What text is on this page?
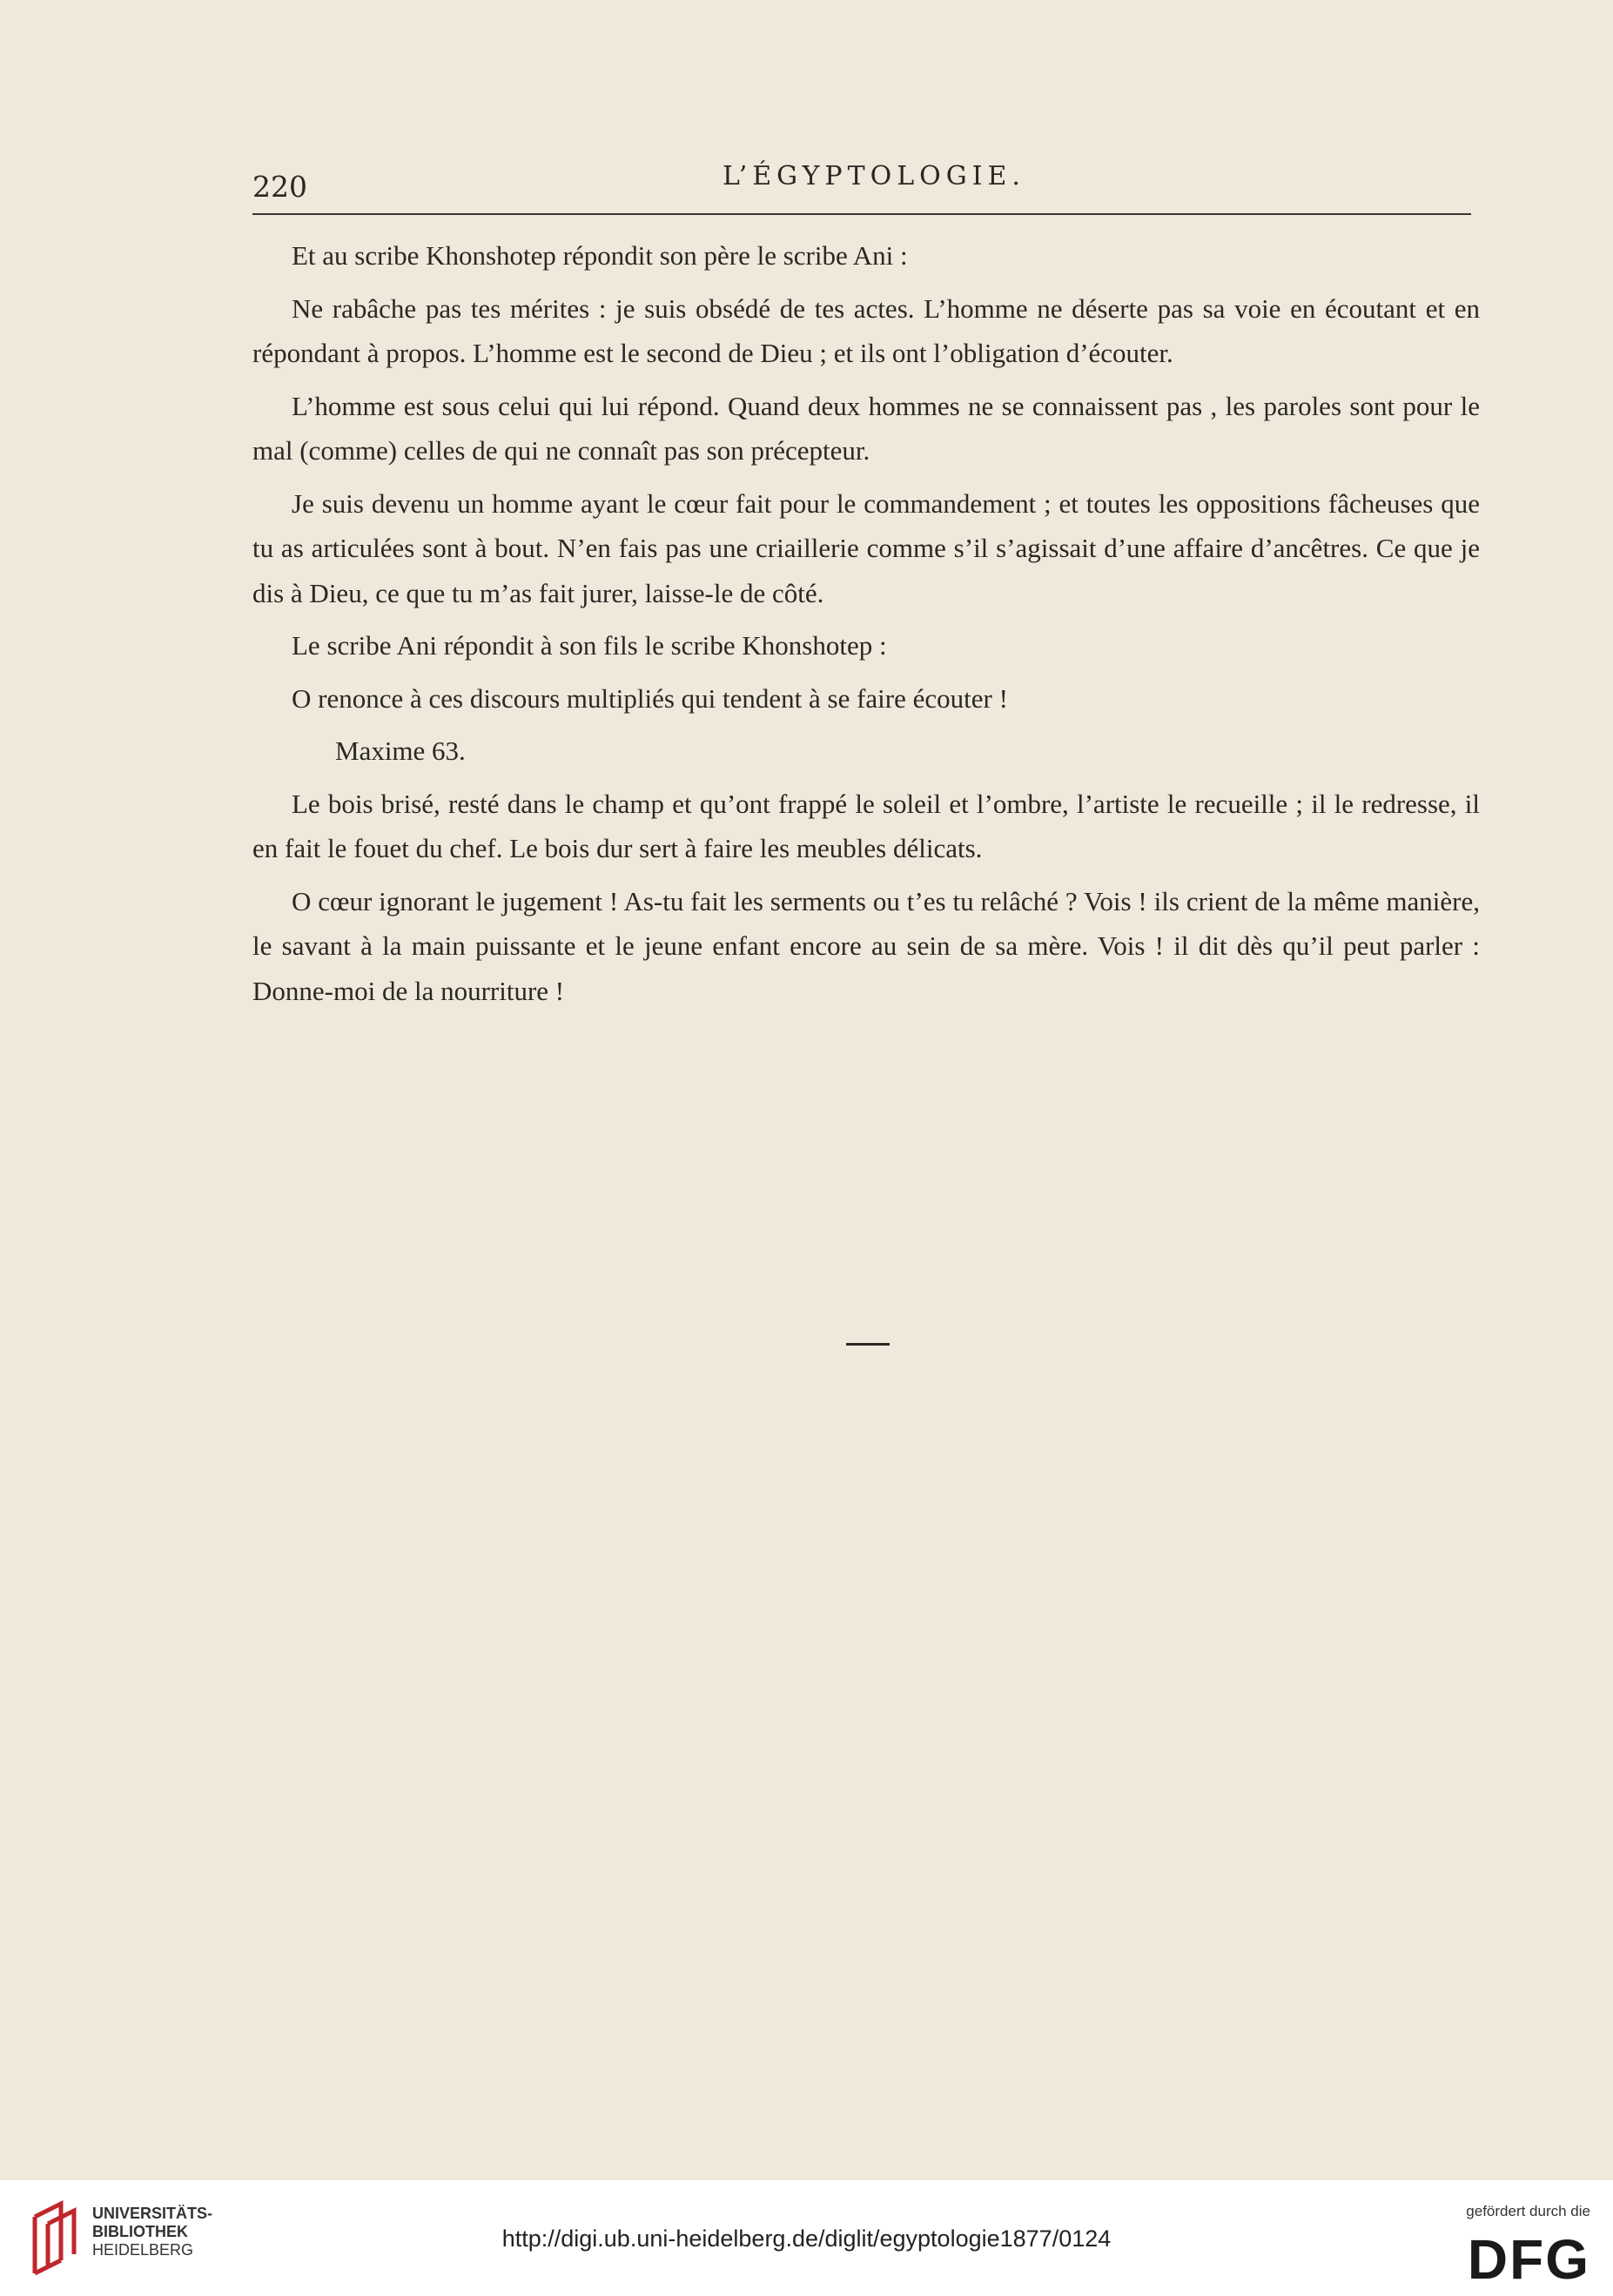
220	L’ÉGYPTOLOGIE.

Et au scribe Khonshotep répondit son père le scribe Ani :

Ne rabâche pas tes mérites : je suis obsédé de tes actes. L’homme ne déserte pas sa voie en écoutant et en répondant à propos. L’homme est le second de Dieu ; et ils ont l’obligation d’écouter.

L’homme est sous celui qui lui répond. Quand deux hommes ne se connaissent pas , les paroles sont pour le mal (comme) celles de qui ne connaît pas son précepteur.

Je suis devenu un homme ayant le cœur fait pour le commandement ; et toutes les oppositions fâcheuses que tu as articulées sont à bout. N’en fais pas une criaillerie comme s’il s’agissait d’une affaire d’ancêtres. Ce que je dis à Dieu, ce que tu m’as fait jurer, laisse-le de côté.

Le scribe Ani répondit à son fils le scribe Khonshotep :

O renonce à ces discours multipliés qui tendent à se faire écouter !

Maxime 63.

Le bois brisé, resté dans le champ et qu’ont frappé le soleil et l’ombre, l’artiste le recueille ; il le redresse, il en fait le fouet du chef. Le bois dur sert à faire les meubles délicats.

O cœur ignorant le jugement ! As-tu fait les serments ou t’es tu relâché ? Vois ! ils crient de la même manière, le savant à la main puissante et le jeune enfant encore au sein de sa mère. Vois ! il dit dès qu’il peut parler : Donne-moi de la nourriture !

UNIVERSITÄTS-
BIBLIOTHEK
HEIDELBERG	http://digi.ub.uni-heidelberg.de/diglit/egyptologie1877/0124
gefördert durch die
DFG
